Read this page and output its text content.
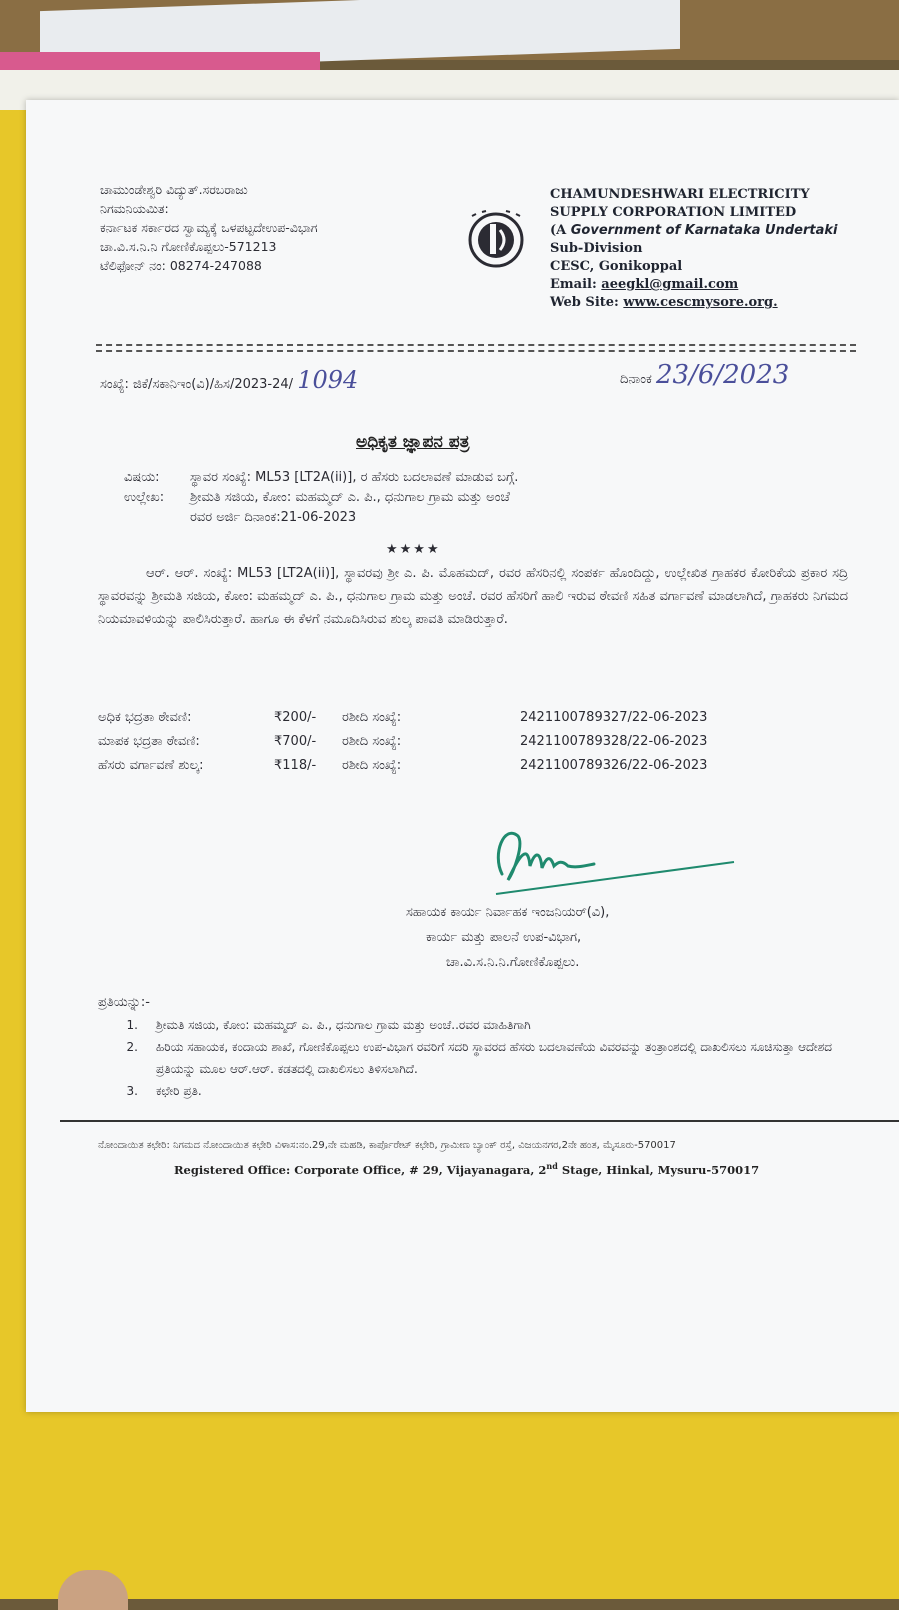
ಚಾಮುಂಡೇಶ್ವರಿ ವಿದ್ಯುತ್.ಸರಬರಾಜು
ನಿಗಮನಿಯಮಿತ:
ಕರ್ನಾಟಕ ಸರ್ಕಾರದ ಸ್ವಾಮ್ಯಕ್ಕೆ ಒಳಪಟ್ಟದೇಉಪ-ವಿಭಾಗ
ಚಾ.ವಿ.ಸ.ನಿ.ನಿ ಗೋಣಿಕೊಪ್ಪಲು-571213
ಟೆಲಿಫೋನ್ ನಂ: 08274-247088
CHAMUNDESHWARI ELECTRICITY
SUPPLY CORPORATION LIMITED
(A Government of Karnataka Undertaki
Sub-Division
CESC, Gonikoppal
Email: aeegkl@gmail.com
Web Site: www.cescmysore.org.
ಸಂಖ್ಯೆ: ಜಿಕೆ/ಸಕಾನಿಇಂ(ವಿ)/ಹಿಸ/2023-24/ 1094	ದಿನಾಂಕ 23/6/2023
ಅಧಿಕೃತ ಜ್ಞಾಪನ ಪತ್ರ
ವಿಷಯ: ಸ್ಥಾವರ ಸಂಖ್ಯೆ: ML53 [LT2A(ii)], ರ ಹೆಸರು ಬದಲಾವಣೆ ಮಾಡುವ ಬಗ್ಗೆ.
ಉಲ್ಲೇಖ: ಶ್ರೀಮತಿ ಸಜಿಯ, ಕೋಂ: ಮಹಮ್ಮದ್ ಎ. ಪಿ., ಧನುಗಾಲ ಗ್ರಾಮ ಮತ್ತು ಅಂಚೆ
ರವರ ಅರ್ಜಿ ದಿನಾಂಕ:21-06-2023
★★★★
ಆರ್. ಆರ್. ಸಂಖ್ಯೆ: ML53 [LT2A(ii)], ಸ್ಥಾವರವು ಶ್ರೀ ಎ. ಪಿ. ಮೊಹಮದ್, ರವರ ಹೆಸರಿನಲ್ಲಿ ಸಂಪರ್ಕ ಹೊಂದಿದ್ದು, ಉಲ್ಲೇಖಿತ ಗ್ರಾಹಕರ ಕೋರಿಕೆಯ ಪ್ರಕಾರ ಸದ್ರಿ ಸ್ಥಾವರವನ್ನು ಶ್ರೀಮತಿ ಸಜಿಯ, ಕೋಂ: ಮಹಮ್ಮದ್ ಎ. ಪಿ., ಧನುಗಾಲ ಗ್ರಾಮ ಮತ್ತು ಅಂಚೆ. ರವರ ಹೆಸರಿಗೆ ಹಾಲಿ ಇರುವ ಠೇವಣಿ ಸಹಿತ ವರ್ಗಾವಣೆ ಮಾಡಲಾಗಿದೆ, ಗ್ರಾಹಕರು ನಿಗಮದ ನಿಯಮಾವಳಿಯನ್ನು ಪಾಲಿಸಿರುತ್ತಾರೆ. ಹಾಗೂ ಈ ಕೆಳಗೆ ನಮೂದಿಸಿರುವ ಶುಲ್ಕ ಪಾವತಿ ಮಾಡಿರುತ್ತಾರೆ.
ಅಧಿಕ ಭದ್ರತಾ ಠೇವಣಿ:	₹200/- ರಶೀದಿ ಸಂಖ್ಯೆ:	2421100789327/22-06-2023
ಮಾಪಕ ಭದ್ರತಾ ಠೇವಣಿ:	₹700/- ರಶೀದಿ ಸಂಖ್ಯೆ:	2421100789328/22-06-2023
ಹೆಸರು ವರ್ಗಾವಣೆ ಶುಲ್ಕ:	₹118/- ರಶೀದಿ ಸಂಖ್ಯೆ:	2421100789326/22-06-2023
ಸಹಾಯಕ ಕಾರ್ಯ ನಿರ್ವಾಹಕ ಇಂಜನಿಯರ್(ವಿ),
ಕಾರ್ಯ ಮತ್ತು ಪಾಲನೆ ಉಪ-ವಿಭಾಗ,
ಚಾ.ವಿ.ಸ.ನಿ.ನಿ.ಗೋಣಿಕೊಪ್ಪಲು.
ಪ್ರತಿಯನ್ನು:-
1.	ಶ್ರೀಮತಿ ಸಜಿಯ, ಕೋಂ: ಮಹಮ್ಮದ್ ಎ. ಪಿ., ಧನುಗಾಲ ಗ್ರಾಮ ಮತ್ತು ಅಂಚೆ..ರವರ ಮಾಹಿತಿಗಾಗಿ
2.	ಹಿರಿಯ ಸಹಾಯಕ, ಕಂದಾಯ ಶಾಖೆ, ಗೋಣಿಕೊಪ್ಪಲು ಉಪ-ವಿಭಾಗ ರವರಿಗೆ ಸದರಿ ಸ್ಥಾವರದ ಹೆಸರು ಬದಲಾವಣೆಯ ವಿವರವನ್ನು ತಂತ್ರಾಂಶದಲ್ಲಿ ದಾಖಲಿಸಲು ಸೂಚಿಸುತ್ತಾ ಆದೇಶದ ಪ್ರತಿಯನ್ನು ಮೂಲ ಆರ್.ಆರ್. ಕಡತದಲ್ಲಿ ದಾಖಲಿಸಲು ತಿಳಿಸಲಾಗಿದೆ.
3.	ಕಛೇರಿ ಪ್ರತಿ.
ನೋಂದಾಯಿತ ಕಛೇರಿ: ನಿಗಮದ ನೋಂದಾಯಿತ ಕಛೇರಿ ವಿಳಾಸ:ನಂ.29,ನೇ ಮಹಡಿ, ಕಾರ್ಪೊರೇಟ್ ಕಛೇರಿ, ಗ್ರಾಮೀಣ ಬ್ಯಾಂಕ್ ರಸ್ತೆ, ವಿಜಯನಗರ,2ನೇ ಹಂತ, ಮೈಸೂರು-570017
Registered Office: Corporate Office, # 29, Vijayanagara, 2nd Stage, Hinkal, Mysuru-570017
